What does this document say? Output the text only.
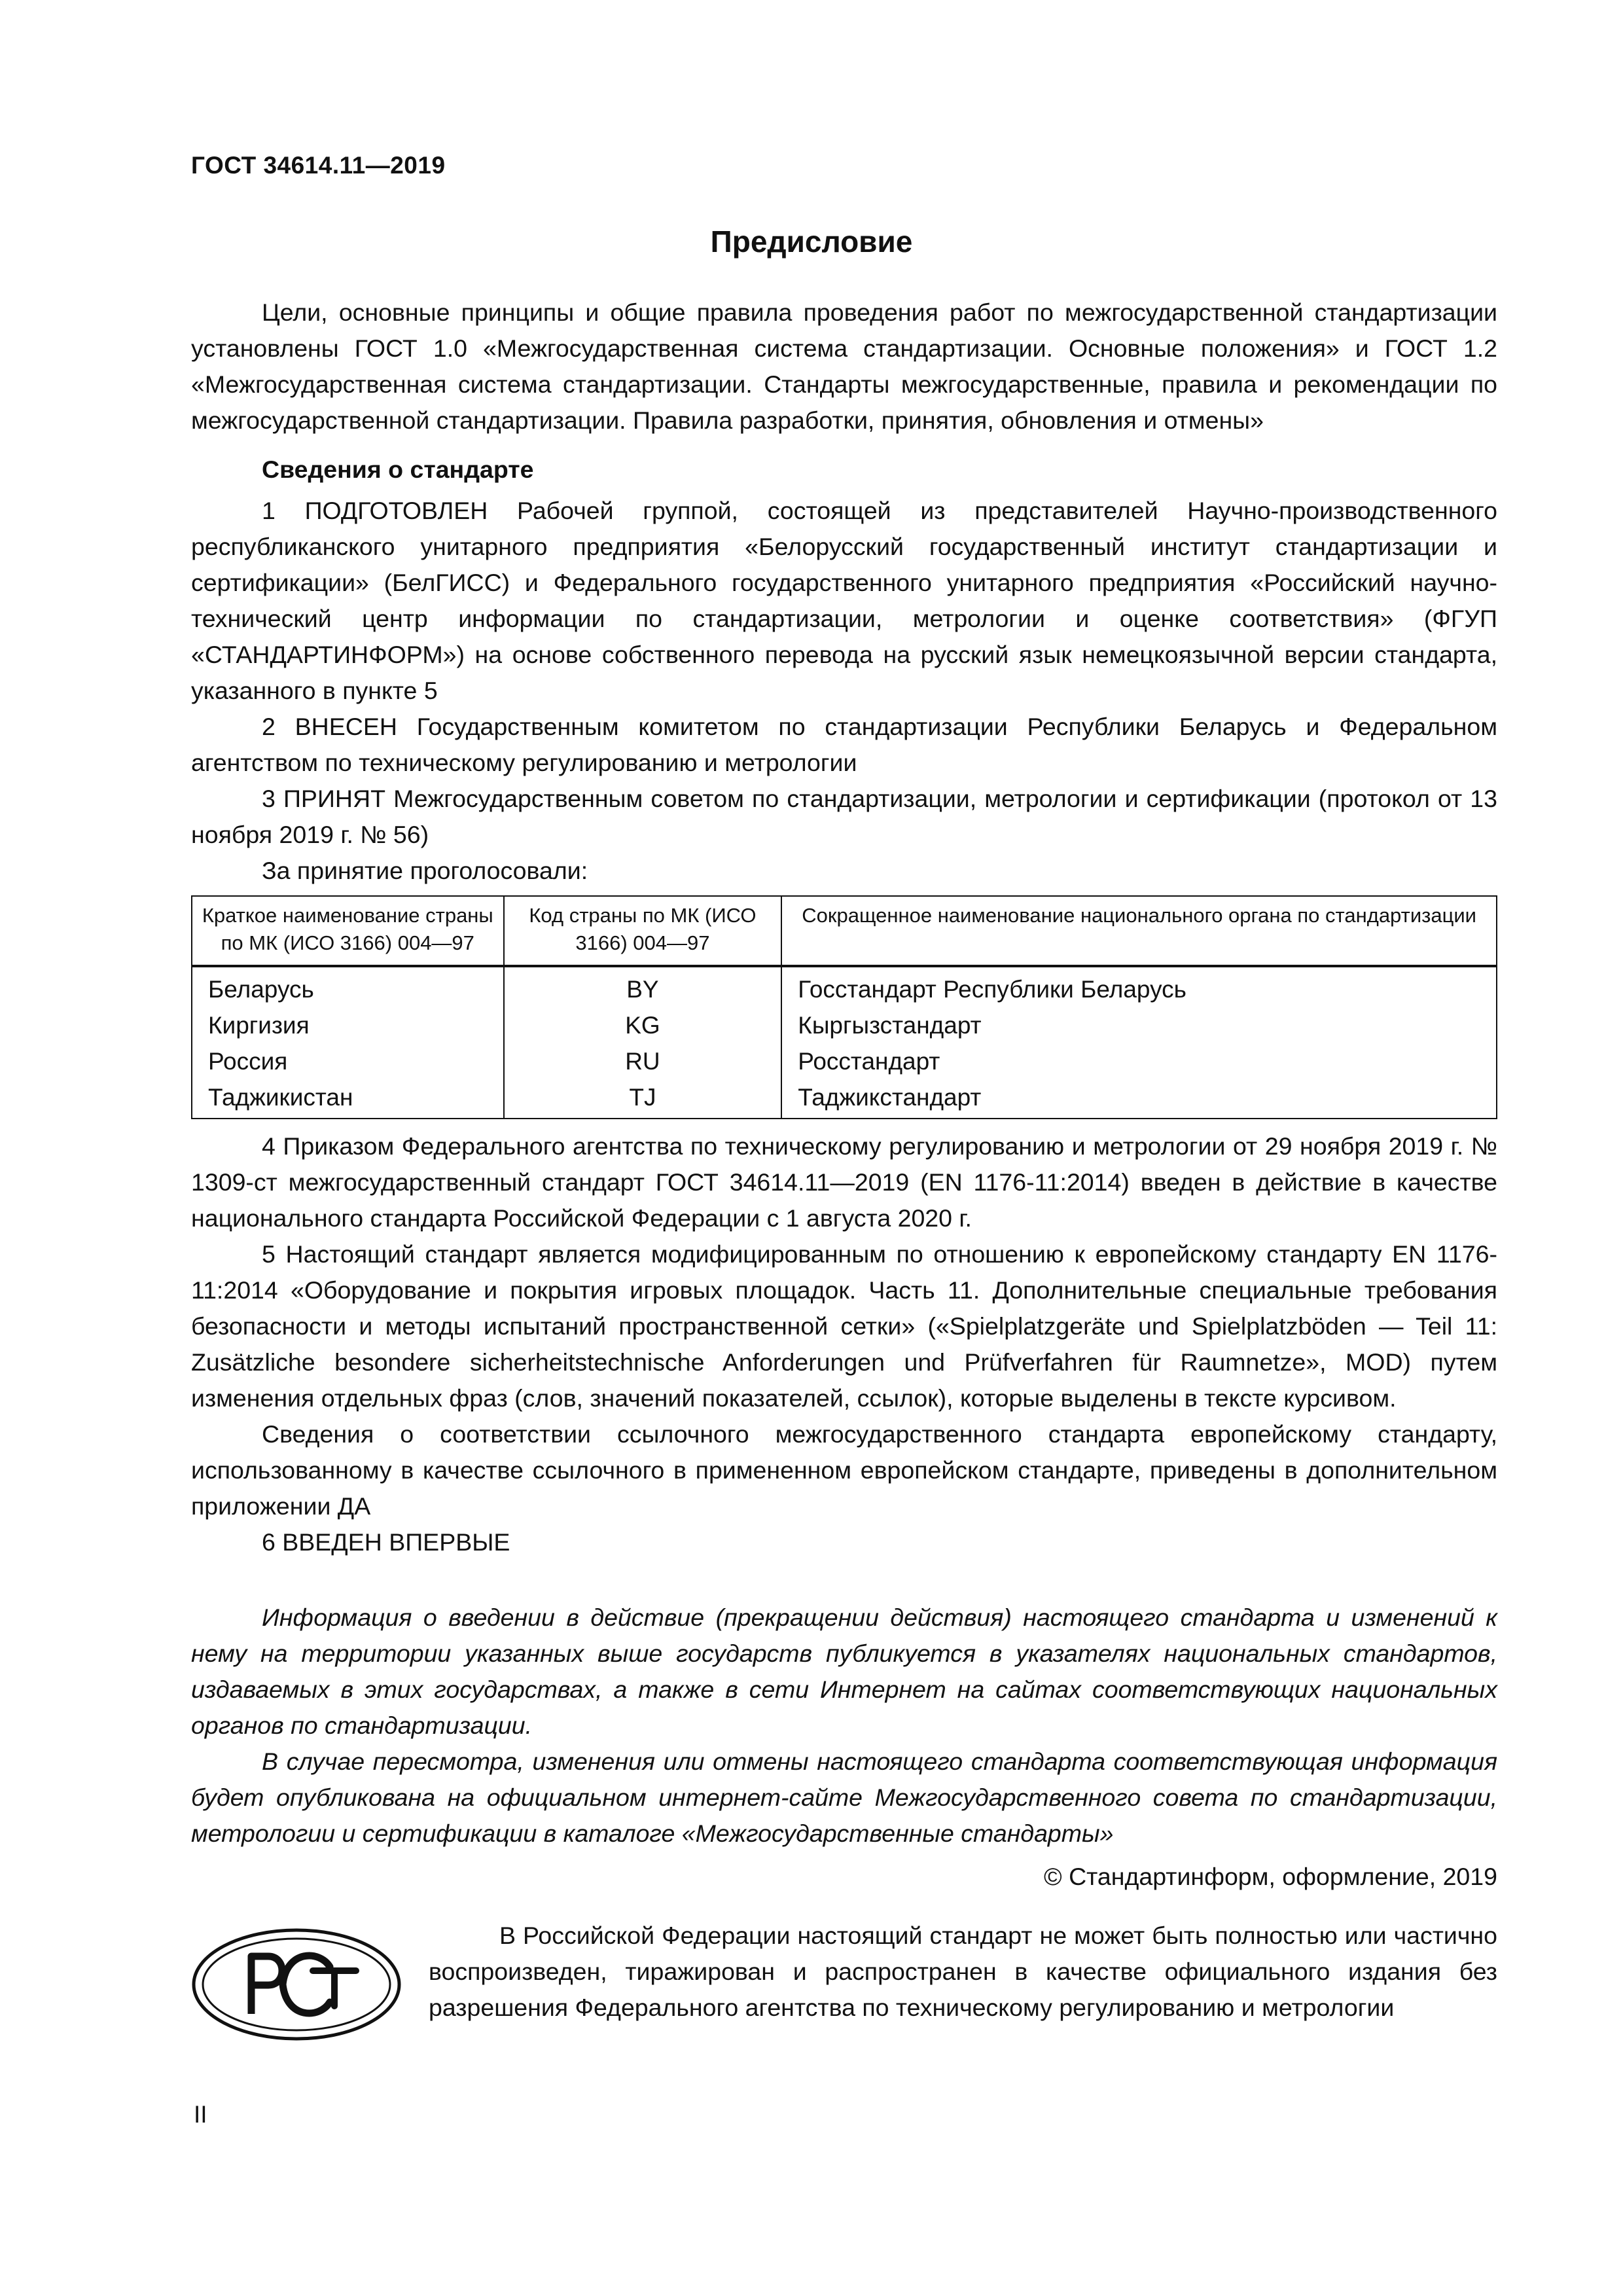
ГОСТ 34614.11—2019
Предисловие

Цели, основные принципы и общие правила проведения работ по межгосударственной стандартизации установлены ГОСТ 1.0 «Межгосударственная система стандартизации. Основные положения» и ГОСТ 1.2 «Межгосударственная система стандартизации. Стандарты межгосударственные, правила и рекомендации по межгосударственной стандартизации. Правила разработки, принятия, обновления и отмены»

Сведения о стандарте

1 ПОДГОТОВЛЕН Рабочей группой, состоящей из представителей Научно-производственного республиканского унитарного предприятия «Белорусский государственный институт стандартизации и сертификации» (БелГИСС) и Федерального государственного унитарного предприятия «Российский научно-технический центр информации по стандартизации, метрологии и оценке соответствия» (ФГУП «СТАНДАРТИНФОРМ») на основе собственного перевода на русский язык немецкоязычной версии стандарта, указанного в пункте 5

2 ВНЕСЕН Государственным комитетом по стандартизации Республики Беларусь и Федеральном агентством по техническому регулированию и метрологии

3 ПРИНЯТ Межгосударственным советом по стандартизации, метрологии и сертификации (протокол от 13 ноября 2019 г. № 56)

За принятие проголосовали:

Краткое наименование страны по МК (ИСО 3166) 004—97	Код страны по МК (ИСО 3166) 004—97	Сокращенное наименование национального органа по стандартизации
Беларусь	BY	Госстандарт Республики Беларусь
Киргизия	KG	Кыргызстандарт
Россия	RU	Росстандарт
Таджикистан	TJ	Таджикстандарт

4 Приказом Федерального агентства по техническому регулированию и метрологии от 29 ноября 2019 г. № 1309-ст межгосударственный стандарт ГОСТ 34614.11—2019 (EN 1176-11:2014) введен в действие в качестве национального стандарта Российской Федерации с 1 августа 2020 г.

5 Настоящий стандарт является модифицированным по отношению к европейскому стандарту EN 1176-11:2014 «Оборудование и покрытия игровых площадок. Часть 11. Дополнительные специальные требования безопасности и методы испытаний пространственной сетки» («Spielplatzgeräte und Spielplatzböden — Teil 11: Zusätzliche besondere sicherheitstechnische Anforderungen und Prüfverfahren für Raumnetze», MOD) путем изменения отдельных фраз (слов, значений показателей, ссылок), которые выделены в тексте курсивом.

Сведения о соответствии ссылочного межгосударственного стандарта европейскому стандарту, использованному в качестве ссылочного в примененном европейском стандарте, приведены в дополнительном приложении ДА

6 ВВЕДЕН ВПЕРВЫЕ

Информация о введении в действие (прекращении действия) настоящего стандарта и изменений к нему на территории указанных выше государств публикуется в указателях национальных стандартов, издаваемых в этих государствах, а также в сети Интернет на сайтах соответствующих национальных органов по стандартизации.

В случае пересмотра, изменения или отмены настоящего стандарта соответствующая информация будет опубликована на официальном интернет-сайте Межгосударственного совета по стандартизации, метрологии и сертификации в каталоге «Межгосударственные стандарты»

© Стандартинформ, оформление, 2019
В Российской Федерации настоящий стандарт не может быть полностью или частично воспроизведен, тиражирован и распространен в качестве официального издания без разрешения Федерального агентства по техническому регулированию и метрологии
II
